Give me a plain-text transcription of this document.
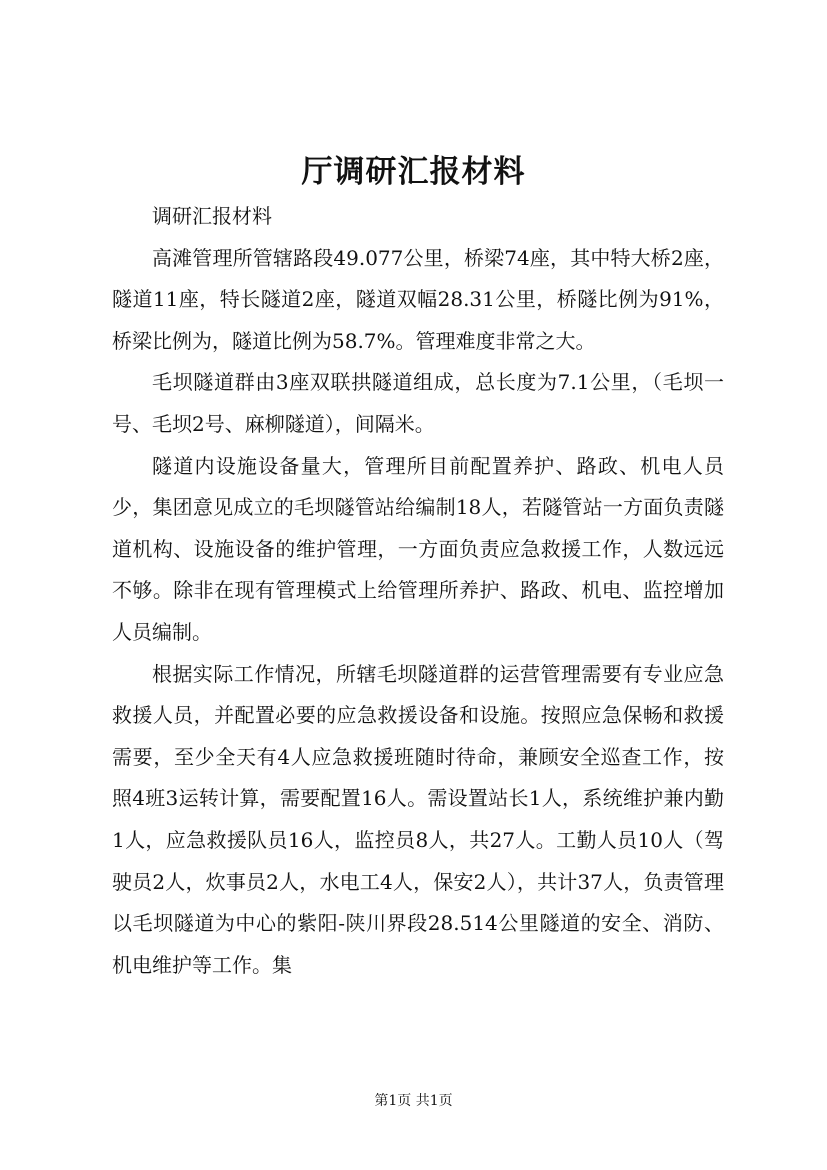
厅调研汇报材料

调研汇报材料

高滩管理所管辖路段49.077公里，桥梁74座，其中特大桥2座，隧道11座，特长隧道2座，隧道双幅28.31公里，桥隧比例为91%，桥梁比例为，隧道比例为58.7%。管理难度非常之大。

毛坝隧道群由3座双联拱隧道组成，总长度为7.1公里，（毛坝一号、毛坝2号、麻柳隧道），间隔米。

隧道内设施设备量大，管理所目前配置养护、路政、机电人员少，集团意见成立的毛坝隧管站给编制18人，若隧管站一方面负责隧道机构、设施设备的维护管理，一方面负责应急救援工作，人数远远不够。除非在现有管理模式上给管理所养护、路政、机电、监控增加人员编制。

根据实际工作情况，所辖毛坝隧道群的运营管理需要有专业应急救援人员，并配置必要的应急救援设备和设施。按照应急保畅和救援需要，至少全天有4人应急救援班随时待命，兼顾安全巡查工作，按照4班3运转计算，需要配置16人。需设置站长1人，系统维护兼内勤1人，应急救援队员16人，监控员8人，共27人。工勤人员10人（驾驶员2人，炊事员2人，水电工4人，保安2人），共计37人，负责管理以毛坝隧道为中心的紫阳-陕川界段28.514公里隧道的安全、消防、机电维护等工作。集

第1页 共1页
